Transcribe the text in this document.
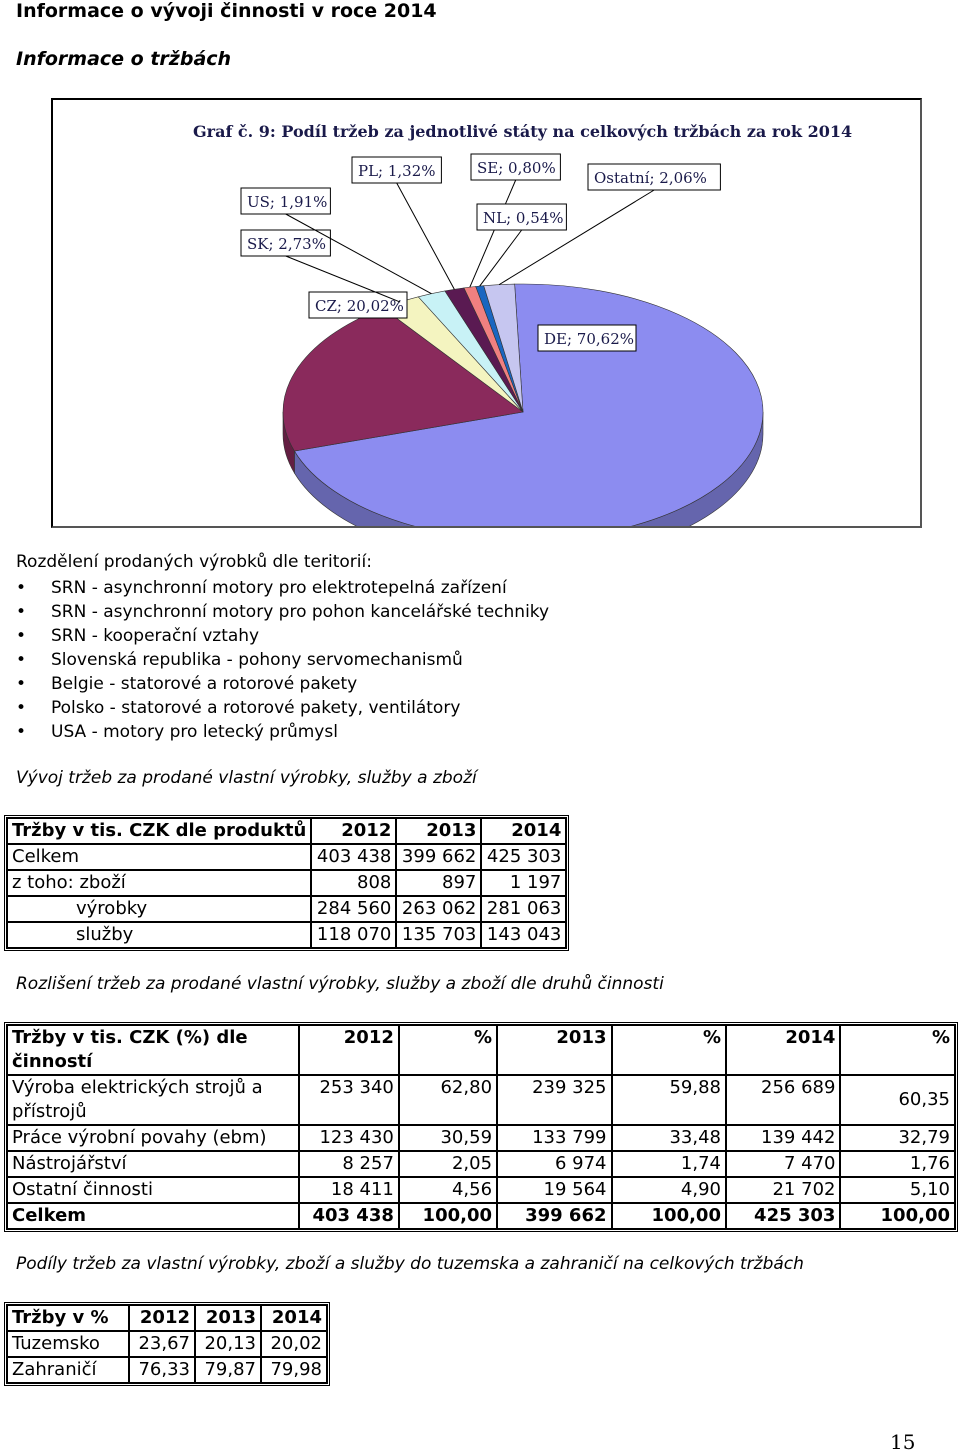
Informace o vývoji činnosti v roce 2014
Informace o tržbách
Graf č. 9: Podíl tržeb za jednotlivé státy na celkových tržbách za rok 2014
DE; 70,62%
CZ; 20,02%
SK; 2,73%
US; 1,91%
PL; 1,32%	SE; 0,80%
NL; 0,54%
Ostatní; 2,06%
Rozdělení prodaných výrobků dle teritorií:
• SRN - asynchronní motory pro elektrotepelná zařízení
• SRN - asynchronní motory pro pohon kancelářské techniky
• SRN - kooperační vztahy
• Slovenská republika - pohony servomechanismů
• Belgie - statorové a rotorové pakety
• Polsko - statorové a rotorové pakety, ventilátory
• USA - motory pro letecký průmysl
Vývoj tržeb za prodané vlastní výrobky, služby a zboží
Tržby v tis. CZK dle produktů	2012	2013	2014
Celkem	403 438	399 662	425 303
z toho: zboží	808	897	1 197
výrobky	284 560	263 062	281 063
služby	118 070	135 703	143 043
Rozlišení tržeb za prodané vlastní výrobky, služby a zboží dle druhů činnosti
Tržby v tis. CZK (%) dle činností	2012	%	2013	%	2014	%
Výroba elektrických strojů a přístrojů	253 340	62,80	239 325	59,88	256 689	60,35
Práce výrobní povahy (ebm)	123 430	30,59	133 799	33,48	139 442	32,79
Nástrojářství	8 257	2,05	6 974	1,74	7 470	1,76
Ostatní činnosti	18 411	4,56	19 564	4,90	21 702	5,10
Celkem	403 438	100,00	399 662	100,00	425 303	100,00
Podíly tržeb za vlastní výrobky, zboží a služby do tuzemska a zahraničí na celkových tržbách
Tržby v %	2012	2013	2014
Tuzemsko	23,67	20,13	20,02
Zahraničí	76,33	79,87	79,98
15
